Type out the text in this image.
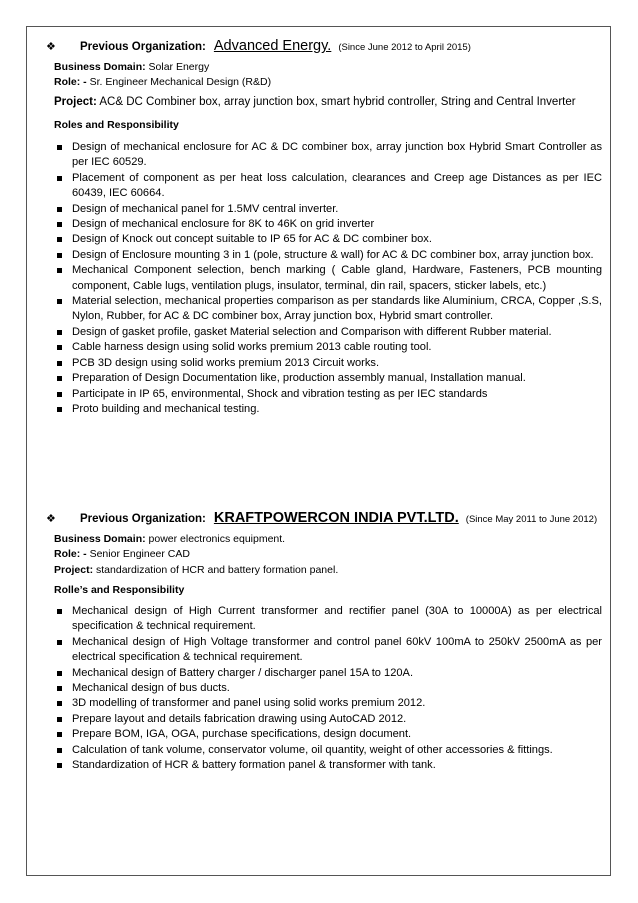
❖	Previous Organization: Advanced Energy. (Since June 2012 to April 2015)
Business Domain: Solar Energy
Role: - Sr. Engineer Mechanical Design (R&D)
Project: AC& DC Combiner box, array junction box, smart hybrid controller, String and Central Inverter
Roles and Responsibility
Design of mechanical enclosure for AC & DC combiner box, array junction box Hybrid Smart Controller as per IEC 60529.
Placement of component as per heat loss calculation, clearances and Creep age Distances as per IEC 60439, IEC 60664.
Design of mechanical panel for 1.5MV central inverter.
Design of mechanical enclosure for 8K to 46K on grid inverter
Design of Knock out concept suitable to IP 65 for AC & DC combiner box.
Design of Enclosure mounting 3 in 1 (pole, structure & wall) for AC & DC combiner box, array junction box.
Mechanical Component selection, bench marking ( Cable gland, Hardware, Fasteners, PCB mounting component, Cable lugs, ventilation plugs, insulator, terminal, din rail, spacers, sticker labels, etc.)
Material selection, mechanical properties comparison as per standards like Aluminium, CRCA, Copper ,S.S, Nylon, Rubber, for AC & DC combiner box, Array junction box, Hybrid smart controller.
Design of gasket profile, gasket Material selection and Comparison with different Rubber material.
Cable harness design using solid works premium 2013 cable routing tool.
PCB 3D design using solid works premium 2013 Circuit works.
Preparation of Design Documentation like, production assembly manual, Installation manual.
Participate in IP 65, environmental, Shock and vibration testing as per IEC standards
Proto building and mechanical testing.
❖	Previous Organization: KRAFTPOWERCON INDIA PVT.LTD. (Since May 2011 to June 2012)
Business Domain: power electronics equipment.
Role: - Senior Engineer CAD
Project: standardization of HCR and battery formation panel.
Rolle’s and Responsibility
Mechanical design of High Current transformer and rectifier panel (30A to 10000A) as per electrical specification & technical requirement.
Mechanical design of High Voltage transformer and control panel 60kV 100mA to 250kV 2500mA as per electrical specification & technical requirement.
Mechanical design of Battery charger / discharger panel 15A to 120A.
Mechanical design of bus ducts.
3D modelling of transformer and panel using solid works premium 2012.
Prepare layout and details fabrication drawing using AutoCAD 2012.
Prepare BOM, IGA, OGA, purchase specifications, design document.
Calculation of tank volume, conservator volume, oil quantity, weight of other accessories & fittings.
Standardization of HCR & battery formation panel & transformer with tank.
